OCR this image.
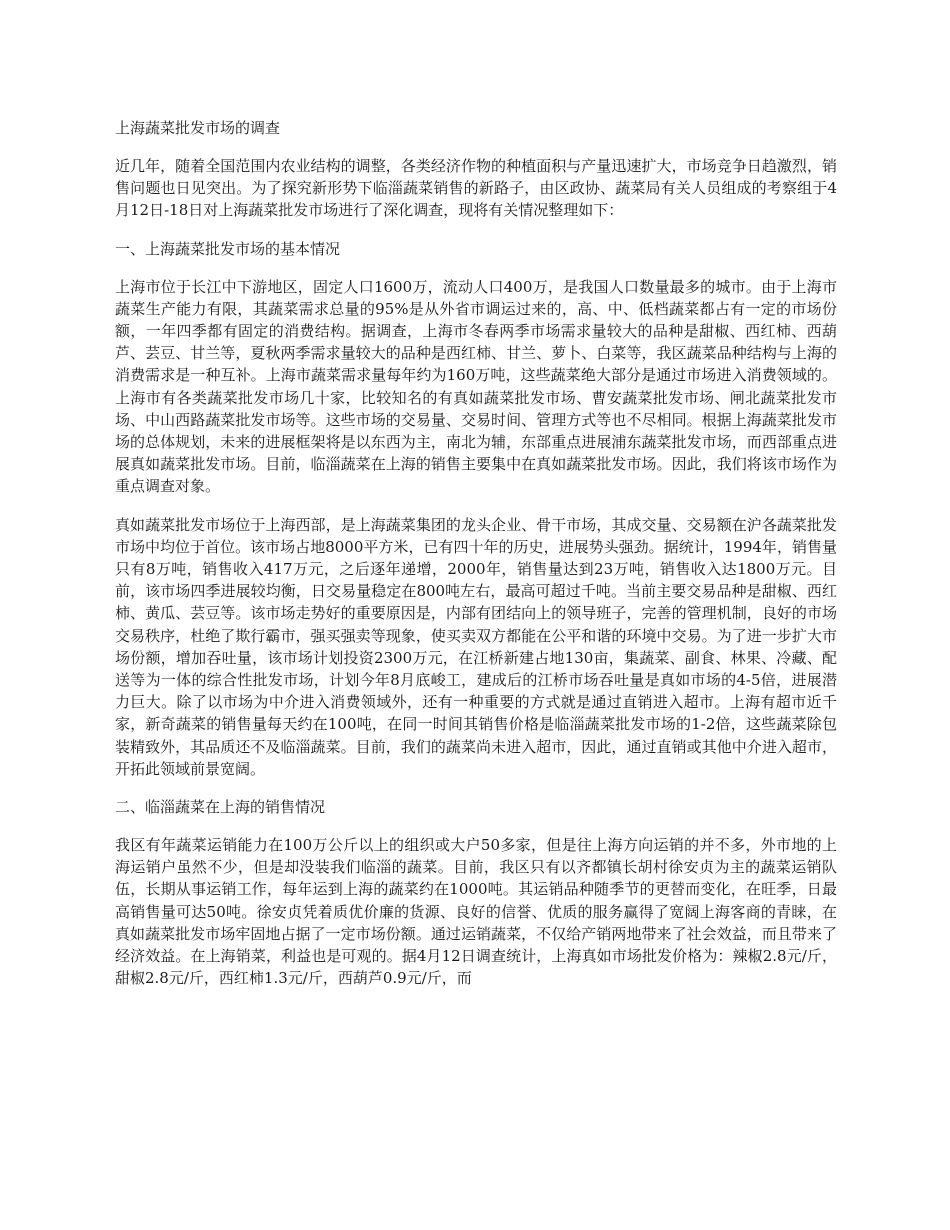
上海蔬菜批发市场的调查

近几年，随着全国范围内农业结构的调整，各类经济作物的种植面积与产量迅速扩大，市场竞争日趋激烈，销售问题也日见突出。为了探究新形势下临淄蔬菜销售的新路子，由区政协、蔬菜局有关人员组成的考察组于4月12日-18日对上海蔬菜批发市场进行了深化调查，现将有关情况整理如下：

一、上海蔬菜批发市场的基本情况

上海市位于长江中下游地区，固定人口1600万，流动人口400万，是我国人口数量最多的城市。由于上海市蔬菜生产能力有限，其蔬菜需求总量的95%是从外省市调运过来的，高、中、低档蔬菜都占有一定的市场份额，一年四季都有固定的消费结构。据调查，上海市冬春两季市场需求量较大的品种是甜椒、西红柿、西葫芦、芸豆、甘兰等，夏秋两季需求量较大的品种是西红柿、甘兰、萝卜、白菜等，我区蔬菜品种结构与上海的消费需求是一种互补。上海市蔬菜需求量每年约为160万吨，这些蔬菜绝大部分是通过市场进入消费领域的。上海市有各类蔬菜批发市场几十家，比较知名的有真如蔬菜批发市场、曹安蔬菜批发市场、闸北蔬菜批发市场、中山西路蔬菜批发市场等。这些市场的交易量、交易时间、管理方式等也不尽相同。根据上海蔬菜批发市场的总体规划，未来的进展框架将是以东西为主，南北为辅，东部重点进展浦东蔬菜批发市场，而西部重点进展真如蔬菜批发市场。目前，临淄蔬菜在上海的销售主要集中在真如蔬菜批发市场。因此，我们将该市场作为重点调查对象。

真如蔬菜批发市场位于上海西部，是上海蔬菜集团的龙头企业、骨干市场，其成交量、交易额在沪各蔬菜批发市场中均位于首位。该市场占地8000平方米，已有四十年的历史，进展势头强劲。据统计，1994年，销售量只有8万吨，销售收入417万元，之后逐年递增，2000年，销售量达到23万吨，销售收入达1800万元。目前，该市场四季进展较均衡，日交易量稳定在800吨左右，最高可超过千吨。当前主要交易品种是甜椒、西红柿、黄瓜、芸豆等。该市场走势好的重要原因是，内部有团结向上的领导班子，完善的管理机制，良好的市场交易秩序，杜绝了欺行霸市，强买强卖等现象，使买卖双方都能在公平和谐的环境中交易。为了进一步扩大市场份额，增加吞吐量，该市场计划投资2300万元，在江桥新建占地130亩，集蔬菜、副食、林果、冷藏、配送等为一体的综合性批发市场，计划今年8月底峻工，建成后的江桥市场吞吐量是真如市场的4-5倍，进展潜力巨大。除了以市场为中介进入消费领域外，还有一种重要的方式就是通过直销进入超市。上海有超市近千家，新奇蔬菜的销售量每天约在100吨，在同一时间其销售价格是临淄蔬菜批发市场的1-2倍，这些蔬菜除包装精致外，其品质还不及临淄蔬菜。目前，我们的蔬菜尚未进入超市，因此，通过直销或其他中介进入超市，开拓此领域前景宽阔。

二、临淄蔬菜在上海的销售情况

我区有年蔬菜运销能力在100万公斤以上的组织或大户50多家，但是往上海方向运销的并不多，外市地的上海运销户虽然不少，但是却没装我们临淄的蔬菜。目前，我区只有以齐都镇长胡村徐安贞为主的蔬菜运销队伍，长期从事运销工作，每年运到上海的蔬菜约在1000吨。其运销品种随季节的更替而变化，在旺季，日最高销售量可达50吨。徐安贞凭着质优价廉的货源、良好的信誉、优质的服务赢得了宽阔上海客商的青睐，在真如蔬菜批发市场牢固地占据了一定市场份额。通过运销蔬菜，不仅给产销两地带来了社会效益，而且带来了经济效益。在上海销菜，利益也是可观的。据4月12日调查统计，上海真如市场批发价格为：辣椒2.8元/斤，甜椒2.8元/斤，西红柿1.3元/斤，西葫芦0.9元/斤，而
